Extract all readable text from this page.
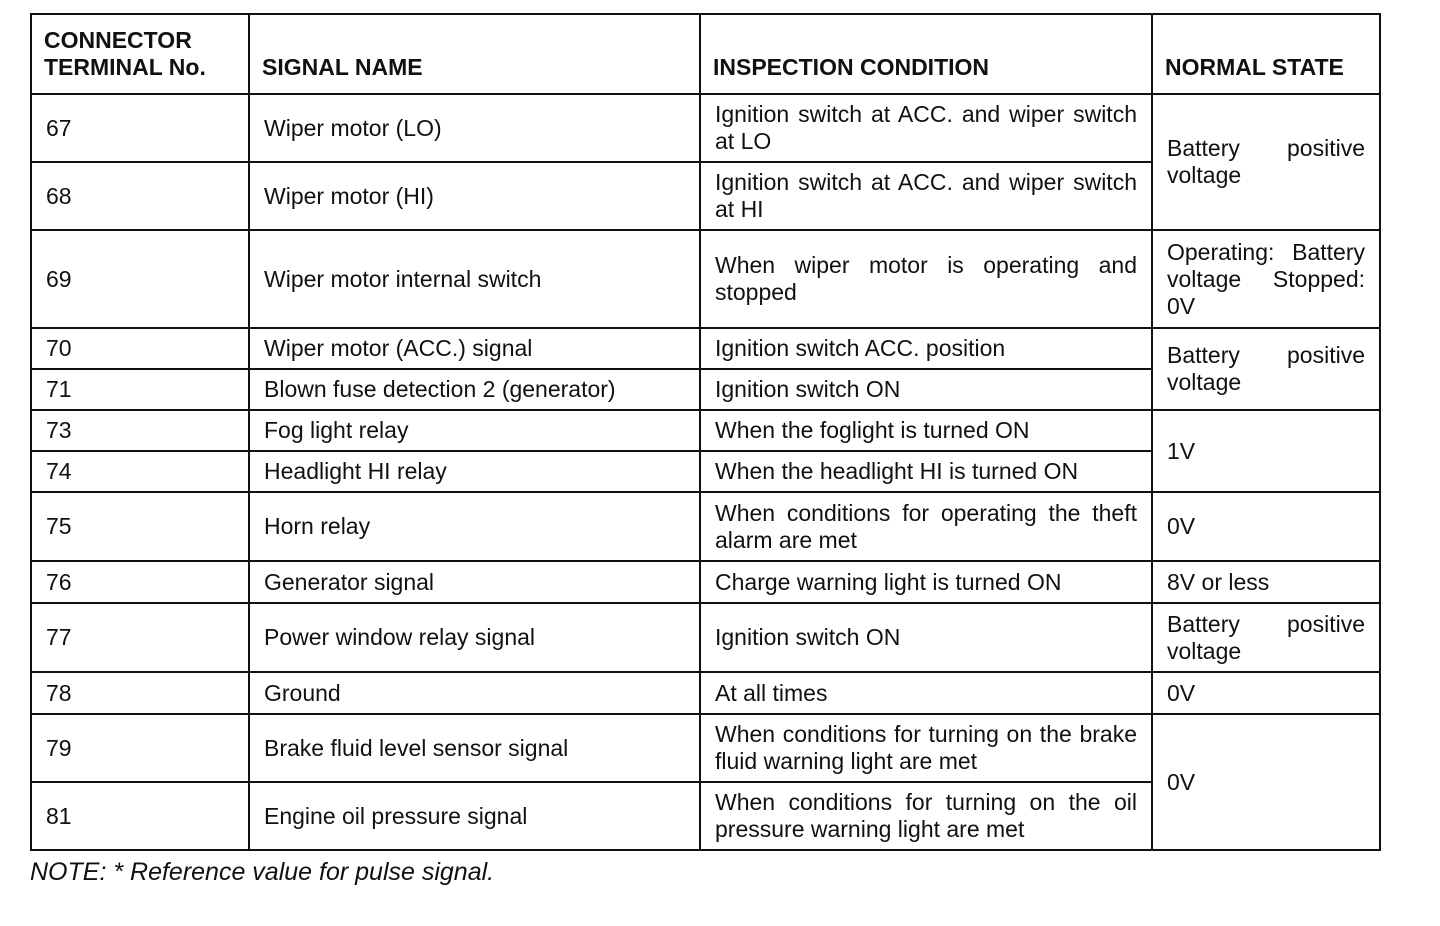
CONNECTOR TERMINAL No.	SIGNAL NAME	INSPECTION CONDITION	NORMAL STATE
67	Wiper motor (LO)	Ignition switch at ACC. and wiper switch at LO	Battery positive voltage
68	Wiper motor (HI)	Ignition switch at ACC. and wiper switch at HI	
69	Wiper motor internal switch	When wiper motor is operating and stopped	Operating: Battery voltage Stopped: 0V
70	Wiper motor (ACC.) signal	Ignition switch ACC. position	Battery positive voltage
71	Blown fuse detection 2 (generator)	Ignition switch ON	
73	Fog light relay	When the foglight is turned ON	1V
74	Headlight HI relay	When the headlight HI is turned ON	
75	Horn relay	When conditions for operating the theft alarm are met	0V
76	Generator signal	Charge warning light is turned ON	8V or less
77	Power window relay signal	Ignition switch ON	Battery positive voltage
78	Ground	At all times	0V
79	Brake fluid level sensor signal	When conditions for turning on the brake fluid warning light are met	0V
81	Engine oil pressure signal	When conditions for turning on the oil pressure warning light are met	
NOTE: * Reference value for pulse signal.
